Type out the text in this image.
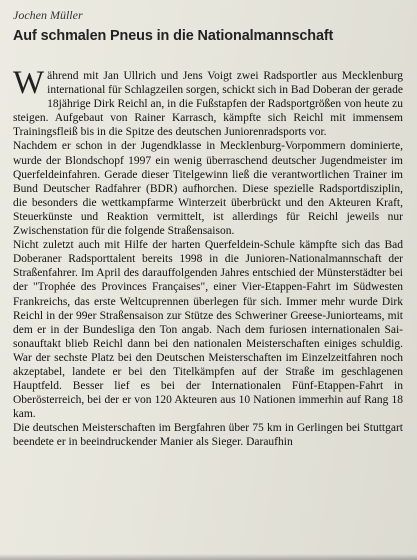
Jochen Müller
Auf schmalen Pneus in die Nationalmannschaft

Während mit Jan Ullrich und Jens Voigt zwei Radsportler aus Mecklenburg international für Schlagzeilen sorgen, schickt sich in Bad Doberan der gerade 18jährige Dirk Reichl an, in die Fußstapfen der Radsportgrößen von heute zu steigen. Aufgebaut von Rainer Karrasch, kämpfte sich Reichl mit immensem Trainingsfleiß bis in die Spitze des deutschen Juniorenradsports vor.

Nachdem er schon in der Jugendklasse in Mecklenburg-Vorpommern dominierte, wurde der Blondschopf 1997 ein wenig überraschend deutscher Jugendmeister im Querfeldeinfahren. Gerade dieser Titelgewinn ließ die verantwortlichen Trainer im Bund Deutscher Radfahrer (BDR) aufhorchen. Diese spezielle Radsportdisziplin, die besonders die wettkampfarme Winterzeit überbrückt und den Akteuren Kraft, Steuerkünste und Reaktion vermittelt, ist allerdings für Reichl jeweils nur Zwischenstation für die folgende Straßensaison.

Nicht zuletzt auch mit Hilfe der harten Querfeldein-Schule kämpfte sich das Bad Doberaner Radsporttalent bereits 1998 in die Junioren-Nationalmannschaft der Straßenfahrer. Im April des darauffolgenden Jahres entschied der Münsterstädter bei der "Trophée des Provinces Françaises", einer Vier-Etappen-Fahrt im Südwesten Frankreichs, das erste Weltcuprennen überlegen für sich. Immer mehr wurde Dirk Reichl in der 99er Straßensaison zur Stütze des Schweriner Greese-Juniorteams, mit dem er in der Bundesliga den Ton angab. Nach dem furiosen internationalen Saisonauftakt blieb Reichl dann bei den nationalen Meisterschaften einiges schuldig. War der sechste Platz bei den Deutschen Meisterschaften im Einzelzeitfahren noch akzeptabel, landete er bei den Titelkämpfen auf der Straße im geschlagenen Hauptfeld. Besser lief es bei der Internationalen Fünf-Etappen-Fahrt in Oberösterreich, bei der er von 120 Akteuren aus 10 Nationen immerhin auf Rang 18 kam.

Die deutschen Meisterschaften im Bergfahren über 75 km in Gerlingen bei Stuttgart beendete er in beeindruckender Manier als Sieger. Daraufhin
